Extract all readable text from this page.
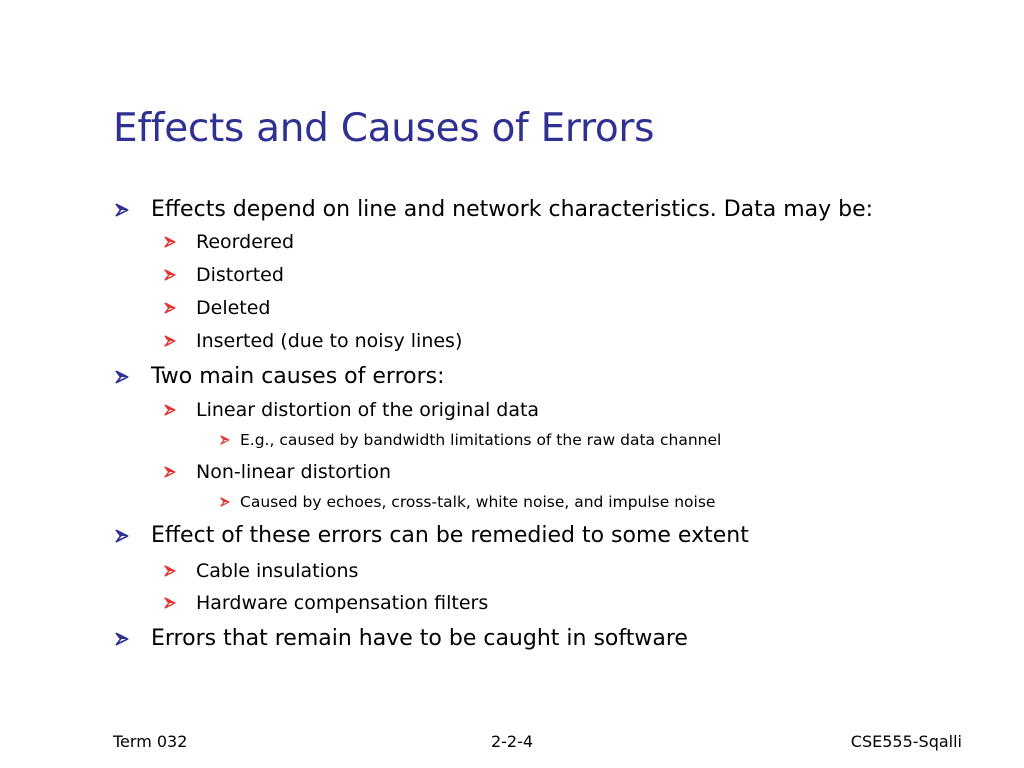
Effects and Causes of Errors
Effects depend on line and network characteristics. Data may be:
Reordered
Distorted
Deleted
Inserted (due to noisy lines)
Two main causes of errors:
Linear distortion of the original data
E.g., caused by bandwidth limitations of the raw data channel
Non-linear distortion
Caused by echoes, cross-talk, white noise, and impulse noise
Effect of these errors can be remedied to some extent
Cable insulations
Hardware compensation filters
Errors that remain have to be caught in software
Term 032	2-2-4	CSE555-Sqalli
